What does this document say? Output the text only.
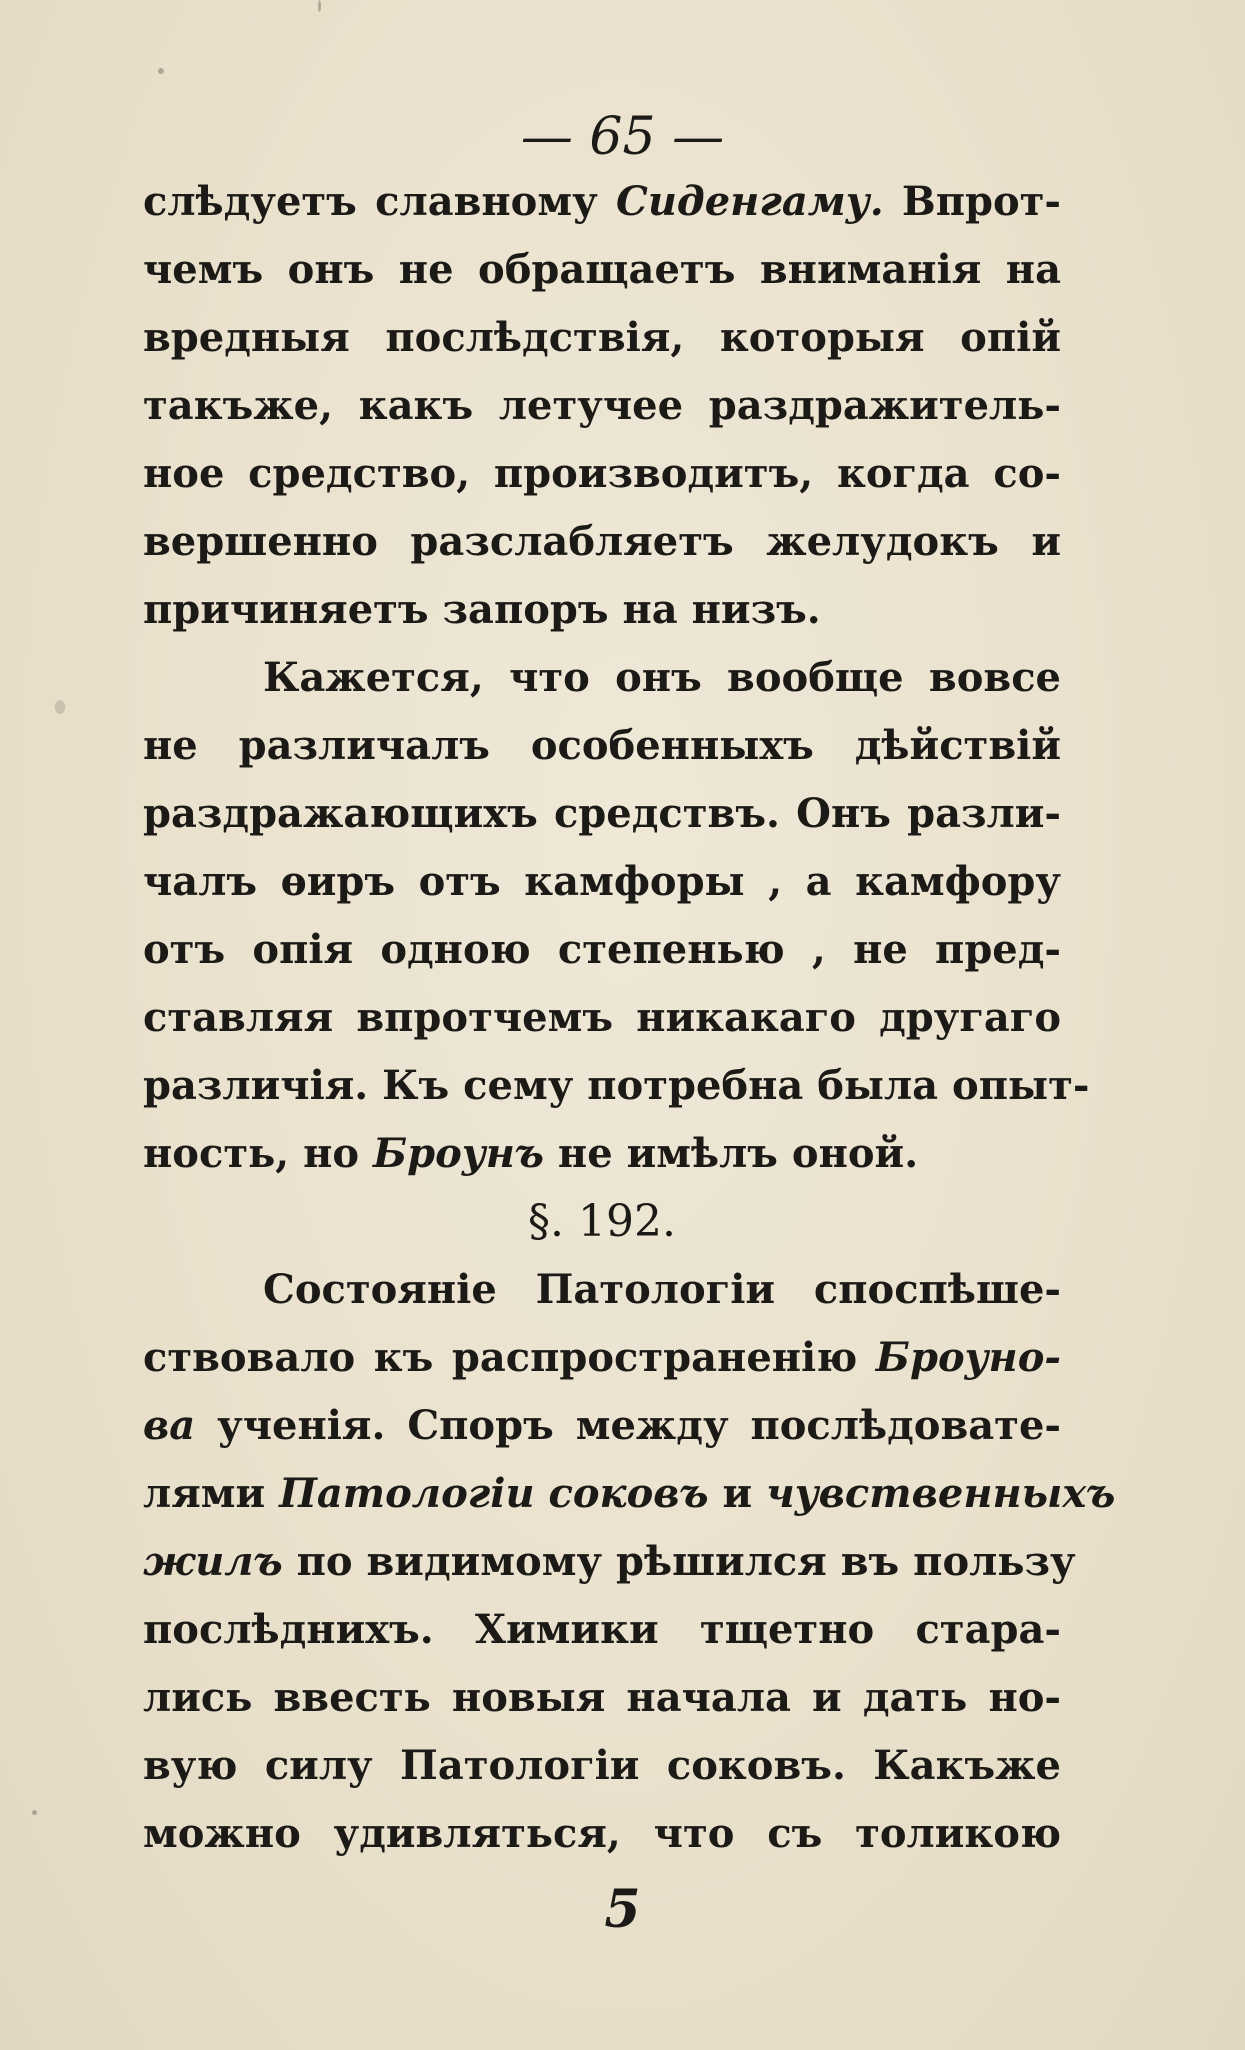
— 65 —
слѣдуетъ славному Сиденгаму. Впрот-
чемъ онъ не обращаетъ вниманія на
вредныя послѣдствія, которыя опій
такъже, какъ летучее раздражитель-
ное средство, производитъ, когда со-
вершенно разслабляетъ желудокъ и
причиняетъ запоръ на низъ.
Кажется, что онъ вообще вовсе
не различалъ особенныхъ дѣйствій
раздражающихъ средствъ. Онъ разли-
чалъ ѳиръ отъ камфоры , а камфору
отъ опія одною степенью , не пред-
ставляя впротчемъ никакаго другаго
различія. Къ сему потребна была опыт-
ность, но Броунъ не имѣлъ оной.
§. 192.
Состояніе Патологіи споспѣше-
ствовало къ распространенію Броуно-
ва ученія. Споръ между послѣдовате-
лями Патологіи соковъ и чувственныхъ
жилъ по видимому рѣшился въ пользу
послѣднихъ. Химики тщетно стара-
лись ввесть новыя начала и дать но-
вую силу Патологіи соковъ. Какъже
можно удивляться, что съ толикою
5
